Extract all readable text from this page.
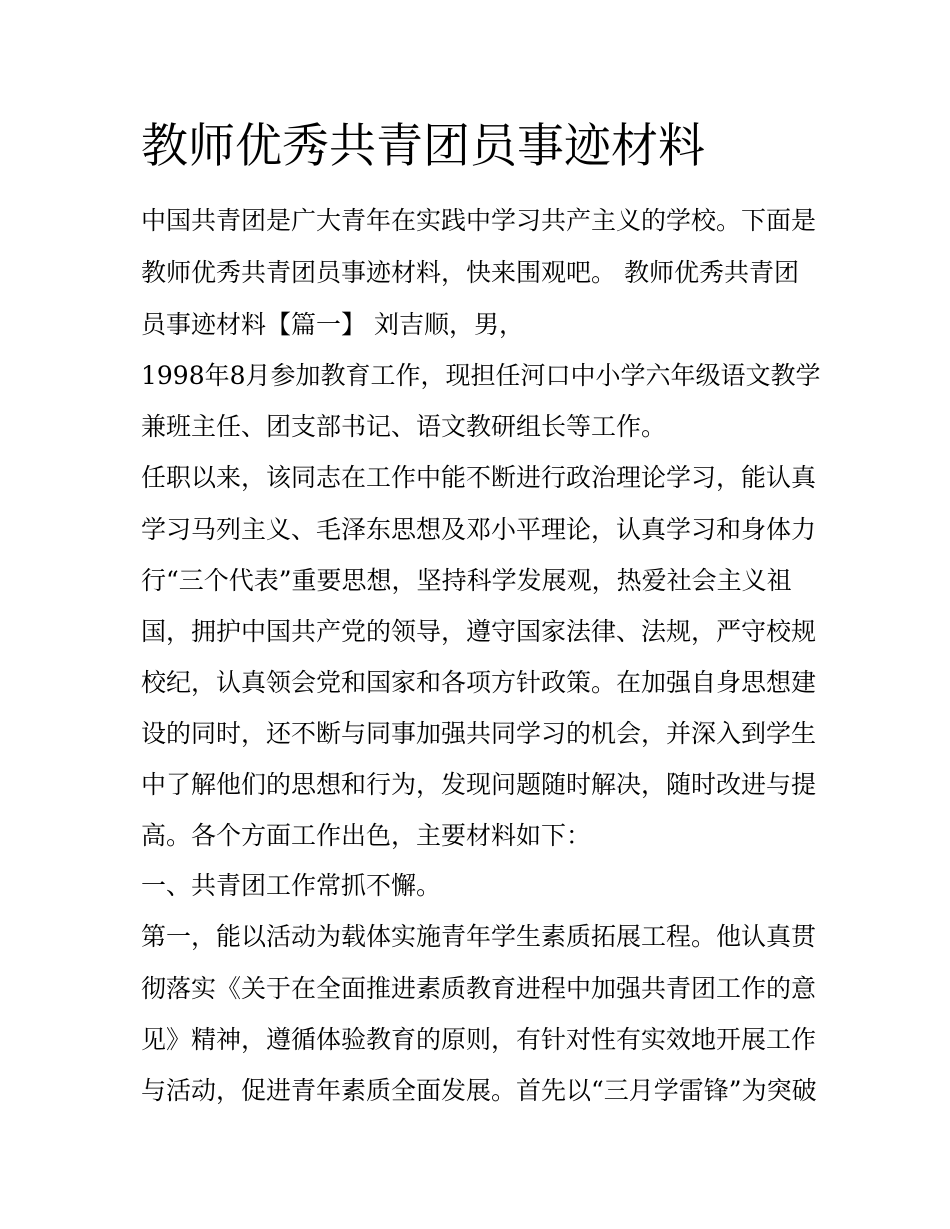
教师优秀共青团员事迹材料

中国共青团是广大青年在实践中学习共产主义的学校。下面是

教师优秀共青团员事迹材料，快来围观吧。 教师优秀共青团

员事迹材料【篇一】 刘吉顺，男，

1998年8月参加教育工作，现担任河口中小学六年级语文教学

兼班主任、团支部书记、语文教研组长等工作。

任职以来，该同志在工作中能不断进行政治理论学习，能认真

学习马列主义、毛泽东思想及邓小平理论，认真学习和身体力

行“三个代表”重要思想，坚持科学发展观，热爱社会主义祖

国，拥护中国共产党的领导，遵守国家法律、法规，严守校规

校纪，认真领会党和国家和各项方针政策。在加强自身思想建

设的同时，还不断与同事加强共同学习的机会，并深入到学生

中了解他们的思想和行为，发现问题随时解决，随时改进与提

高。各个方面工作出色，主要材料如下：

一、共青团工作常抓不懈。

第一，能以活动为载体实施青年学生素质拓展工程。他认真贯

彻落实《关于在全面推进素质教育进程中加强共青团工作的意

见》精神，遵循体验教育的原则，有针对性有实效地开展工作

与活动，促进青年素质全面发展。首先以“三月学雷锋”为突破
